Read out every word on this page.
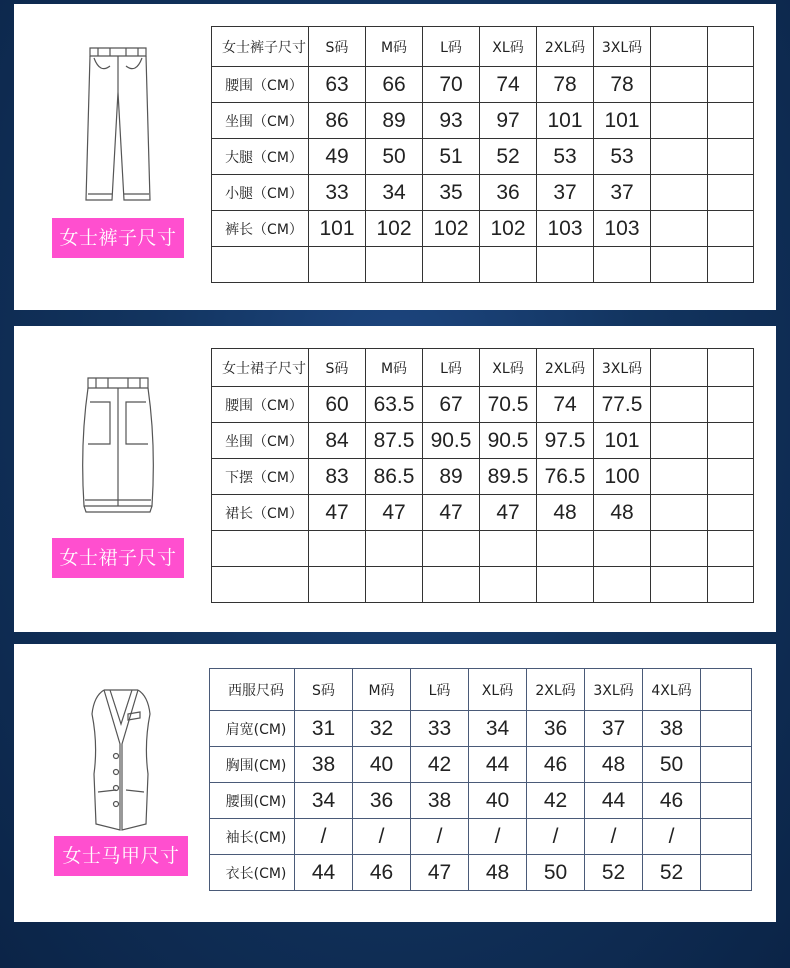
女士裤子尺寸
女士裤子尺寸	S码	M码	L码	XL码	2XL码	3XL码		
腰围（CM）	63	66	70	74	78	78		
坐围（CM）	86	89	93	97	101	101		
大腿（CM）	49	50	51	52	53	53		
小腿（CM）	33	34	35	36	37	37		
裤长（CM）	101	102	102	102	103	103		

女士裙子尺寸
女士裙子尺寸	S码	M码	L码	XL码	2XL码	3XL码		
腰围（CM）	60	63.5	67	70.5	74	77.5		
坐围（CM）	84	87.5	90.5	90.5	97.5	101		
下摆（CM）	83	86.5	89	89.5	76.5	100		
裙长（CM）	47	47	47	47	48	48		

女士马甲尺寸
西服尺码	S码	M码	L码	XL码	2XL码	3XL码	4XL码	
肩宽(CM)	31	32	33	34	36	37	38	
胸围(CM)	38	40	42	44	46	48	50	
腰围(CM)	34	36	38	40	42	44	46	
袖长(CM)	/	/	/	/	/	/	/	
衣长(CM)	44	46	47	48	50	52	52	
